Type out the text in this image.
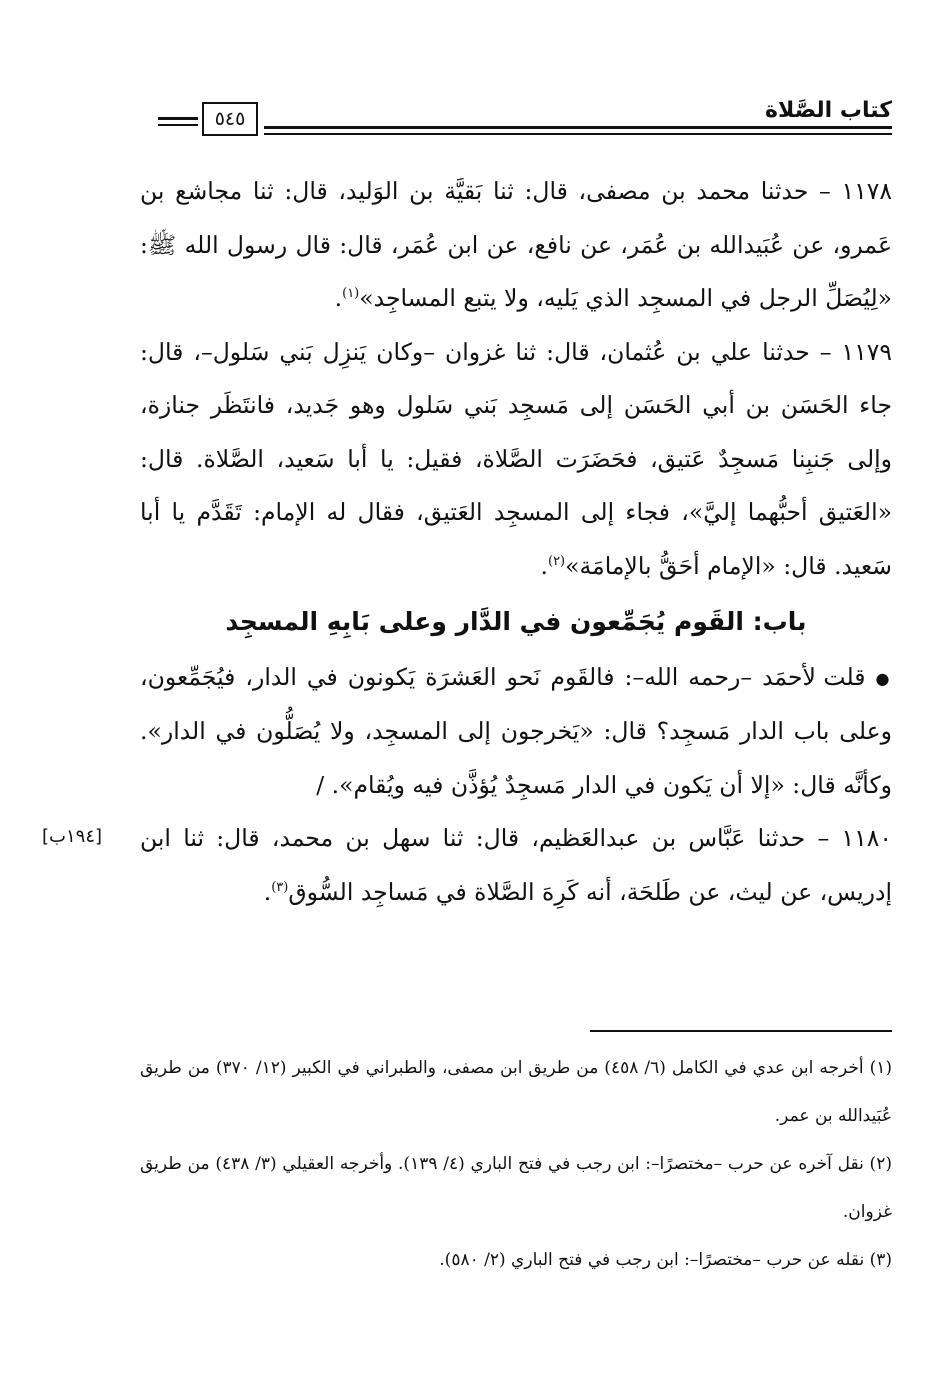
كتاب الصَّلاة
٥٤٥

١١٧٨ – حدثنا محمد بن مصفى، قال: ثنا بَقيَّة بن الوَليد، قال: ثنا مجاشع بن عَمرو، عن عُبَيدالله بن عُمَر، عن نافع، عن ابن عُمَر، قال: قال رسول الله ﷺ: «لِيُصَلِّ الرجل في المسجِد الذي يَليه، ولا يتبع المساجِد»$^{(١)}$.

١١٧٩ – حدثنا علي بن عُثمان، قال: ثنا غزوان –وكان يَنزِل بَني سَلول–، قال: جاء الحَسَن بن أبي الحَسَن إلى مَسجِد بَني سَلول وهو جَديد، فانتَظَر جنازة، وإلى جَنبِنا مَسجِدٌ عَتيق، فحَضَرَت الصَّلاة، فقيل: يا أبا سَعيد، الصَّلاة. قال: «العَتيق أحبُّهما إليَّ»، فجاء إلى المسجِد العَتيق، فقال له الإمام: تَقَدَّم يا أبا سَعيد. قال: «الإمام أحَقُّ بالإمامَة»$^{(٢)}$.

باب: القَوم يُجَمِّعون في الدَّار وعلى بَابِهِ المسجِد

● قلت لأحمَد –رحمه الله–: فالقَوم نَحو العَشرَة يَكونون في الدار، فيُجَمِّعون، وعلى باب الدار مَسجِد؟ قال: «يَخرجون إلى المسجِد، ولا يُصَلُّون في الدار». وكأنَّه قال: «إلا أن يَكون في الدار مَسجِدٌ يُؤذَّن فيه ويُقام». /

١١٨٠ – حدثنا عَبَّاس بن عبدالعَظيم، قال: ثنا سهل بن محمد، قال: ثنا ابن إدريس، عن ليث، عن طَلحَة، أنه كَرِهَ الصَّلاة في مَساجِد السُّوق$^{(٣)}$.

[١٩٤ب]

(١) أخرجه ابن عدي في الكامل (٦/ ٤٥٨) من طريق ابن مصفى، والطبراني في الكبير (١٢/ ٣٧٠) من طريق عُبَيدالله بن عمر.

(٢) نقل آخره عن حرب –مختصرًا–: ابن رجب في فتح الباري (٤/ ١٣٩). وأخرجه العقيلي (٣/ ٤٣٨) من طريق غزوان.

(٣) نقله عن حرب –مختصرًا–: ابن رجب في فتح الباري (٢/ ٥٨٠).
